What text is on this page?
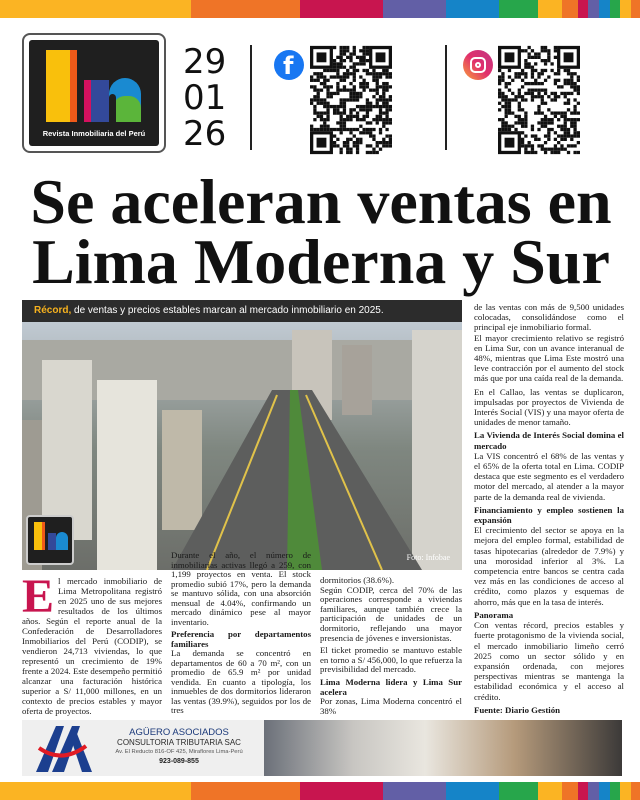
Revista Inmobiliaria del Perú
29
01
26
f
Se aceleran ventas en
Lima Moderna y Sur
Récord, de ventas y precios estables marcan al mercado inmobiliario en 2025.
Foto: Infobae
El mercado inmobiliario de Lima Metropolitana registró en 2025 uno de sus mejores resultados de los últimos años. Según el reporte anual de la Confederación de Desarrolladores Inmobiliarios del Perú (CODIP), se vendieron 24,713 viviendas, lo que representó un crecimiento de 19% frente a 2024. Este desempeño permitió alcanzar una facturación histórica superior a S/ 11,000 millones, en un contexto de precios estables y mayor oferta de proyectos.

Durante el año, el número de inmobiliarias activas llegó a 259, con 1,199 proyectos en venta. El stock promedio subió 17%, pero la demanda se mantuvo sólida, con una absorción mensual de 4.04%, confirmando un mercado dinámico pese al mayor inventario.

Preferencia por departamentos familiares

La demanda se concentró en departamentos de 60 a 70 m², con un promedio de 65.9 m² por unidad vendida. En cuanto a tipología, los inmuebles de dos dormitorios lideraron las ventas (39.9%), seguidos por los de tres

dormitorios (38.6%).

Según CODIP, cerca del 70% de las operaciones corresponde a viviendas familiares, aunque también crece la participación de unidades de un dormitorio, reflejando una mayor presencia de jóvenes e inversionistas.

El ticket promedio se mantuvo estable en torno a S/ 456,000, lo que refuerza la previsibilidad del mercado.

Lima Moderna lidera y Lima Sur acelera

Por zonas, Lima Moderna concentró el 38%

de las ventas con más de 9,500 unidades colocadas, consolidándose como el principal eje inmobiliario formal.

El mayor crecimiento relativo se registró en Lima Sur, con un avance interanual de 48%, mientras que Lima Este mostró una leve contracción por el aumento del stock más que por una caída real de la demanda.

En el Callao, las ventas se duplicaron, impulsadas por proyectos de Vivienda de Interés Social (VIS) y una mayor oferta de unidades de menor tamaño.

La Vivienda de Interés Social domina el mercado

La VIS concentró el 68% de las ventas y el 65% de la oferta total en Lima. CODIP destaca que este segmento es el verdadero motor del mercado, al atender a la mayor parte de la demanda real de vivienda.

Financiamiento y empleo sostienen la expansión

El crecimiento del sector se apoya en la mejora del empleo formal, estabilidad de tasas hipotecarias (alrededor de 7.9%) y una morosidad inferior al 3%. La competencia entre bancos se centra cada vez más en las condiciones de acceso al crédito, como plazos y esquemas de ahorro, más que en la tasa de interés.

Panorama

Con ventas récord, precios estables y fuerte protagonismo de la vivienda social, el mercado inmobiliario limeño cerró 2025 como un sector sólido y en expansión ordenada, con mejores perspectivas mientras se mantenga la estabilidad económica y el acceso al crédito.

Fuente: Diario Gestión
AGÜERO ASOCIADOS
CONSULTORIA TRIBUTARIA SAC
Av. El Reducto 816-OF 425, Miraflores Lima-Perú
923-089-855
